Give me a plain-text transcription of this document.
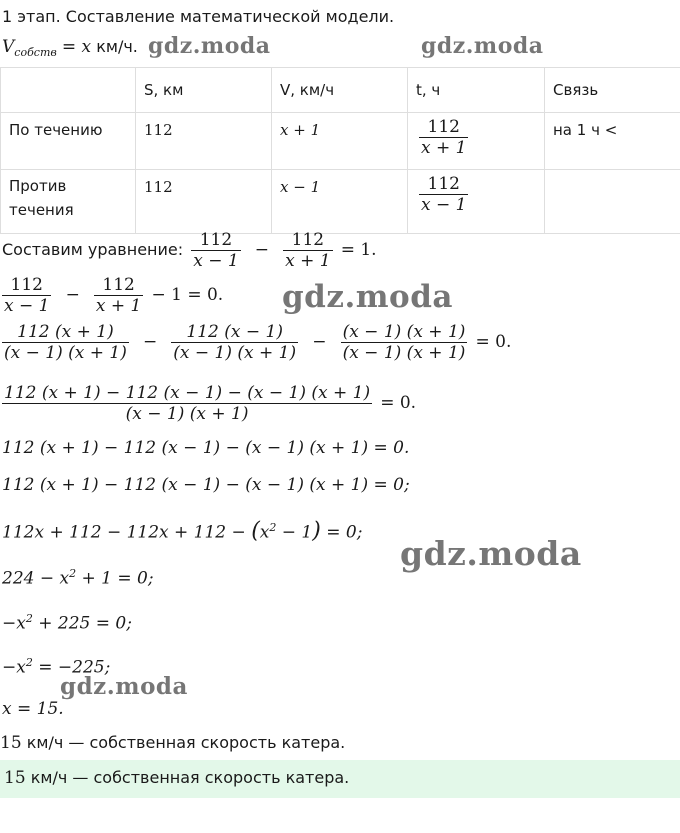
1 этап. Составление математической модели.
$V_{собств} = x$ км/ч.
	S, км	V, км/ч	t, ч	Связь
По течению	112	x + 1	$\frac{112}{x + 1}$	на 1 ч <
Против
течения	112	x − 1	$\frac{112}{x - 1}$

Составим уравнение: $\frac{112}{x - 1} - \frac{112}{x + 1} = 1$.
$\frac{112}{x - 1} - \frac{112}{x + 1} - 1 = 0$.
$\frac{112 (x + 1)}{(x - 1) (x + 1)} - \frac{112 (x - 1)}{(x - 1) (x + 1)} - \frac{(x - 1) (x + 1)}{(x - 1) (x + 1)} = 0$.
$\frac{112 (x + 1) - 112 (x - 1) - (x - 1) (x + 1)}{(x - 1) (x + 1)} = 0$.
112 (x + 1) − 112 (x − 1) − (x − 1) (x + 1) = 0.
112 (x + 1) − 112 (x − 1) − (x − 1) (x + 1) = 0;
$112x + 112 - 112x + 112 - (x^2 - 1) = 0$;
$224 - x^2 + 1 = 0$;
$-x^2 + 225 = 0$;
$-x^2 = -225$;
x = 15.
15 км/ч — собственная скорость катера.
15 км/ч — собственная скорость катера.
gdz.moda	gdz.moda
gdz.moda
gdz.moda
gdz.moda
